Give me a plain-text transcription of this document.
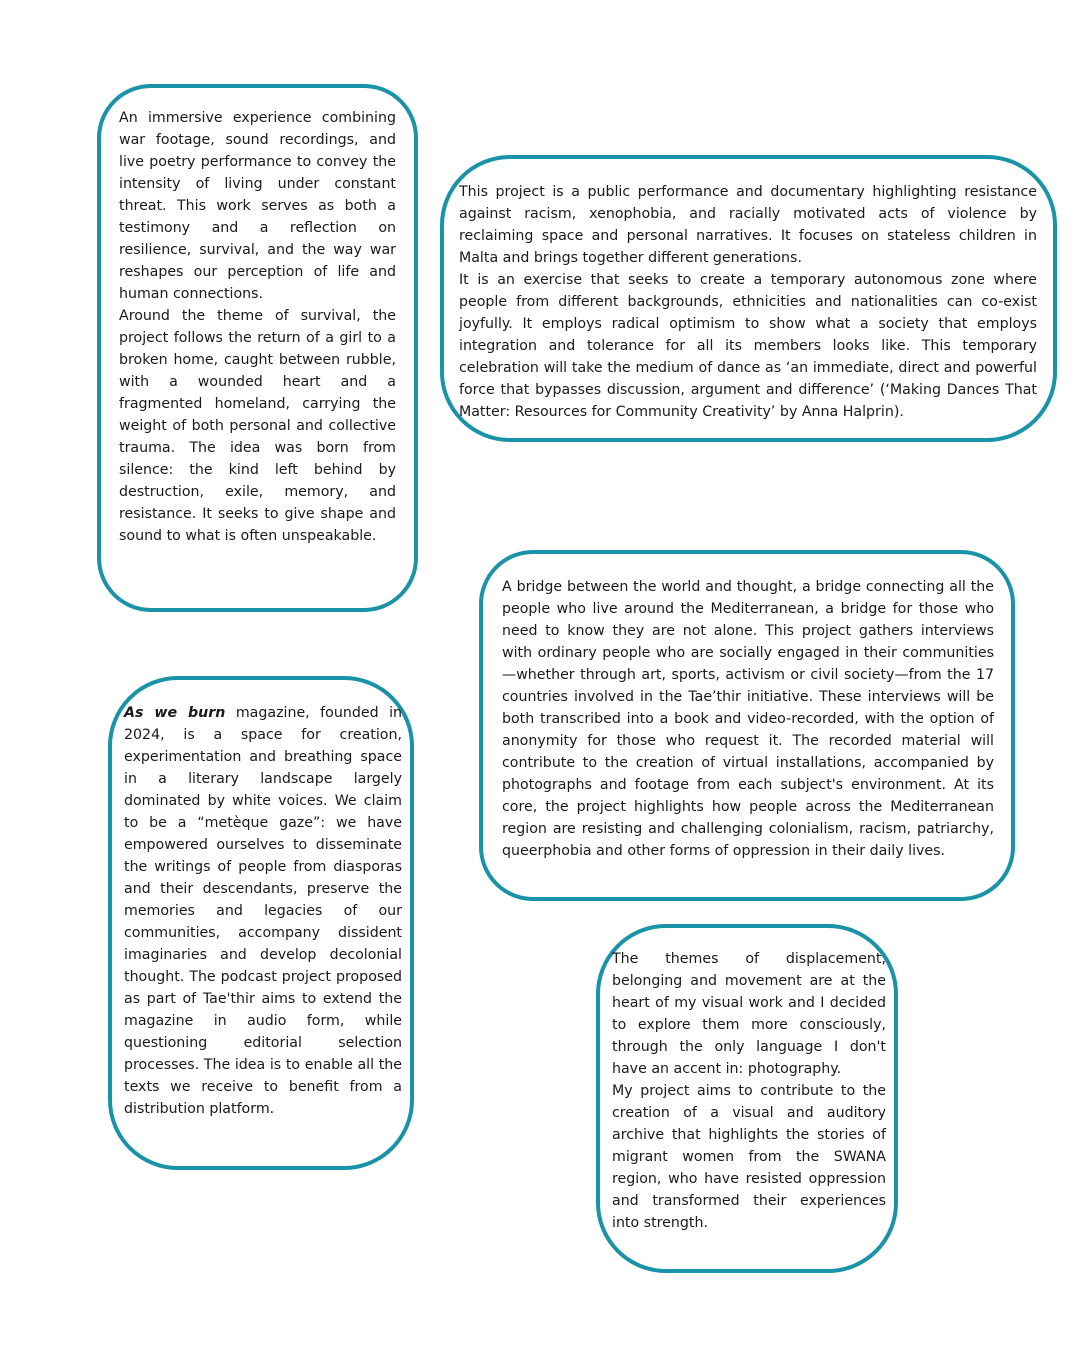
An immersive experience combining war footage, sound recordings, and live poetry performance to convey the intensity of living under constant threat. This work serves as both a testimony and a reflection on resilience, survival, and the way war reshapes our perception of life and human connections.

Around the theme of survival, the project follows the return of a girl to a broken home, caught between rubble, with a wounded heart and a fragmented homeland, carrying the weight of both personal and collective trauma. The idea was born from silence: the kind left behind by destruction, exile, memory, and resistance. It seeks to give shape and sound to what is often unspeakable.

This project is a public performance and documentary highlighting resistance against racism, xenophobia, and racially motivated acts of violence by reclaiming space and personal narratives. It focuses on stateless children in Malta and brings together different generations.

It is an exercise that seeks to create a temporary autonomous zone where people from different backgrounds, ethnicities and nationalities can co-exist joyfully. It employs radical optimism to show what a society that employs integration and tolerance for all its members looks like. This temporary celebration will take the medium of dance as ‘an immediate, direct and powerful force that bypasses discussion, argument and difference’ (‘Making Dances That Matter: Resources for Community Creativity’ by Anna Halprin).

A bridge between the world and thought, a bridge connecting all the people who live around the Mediterranean, a bridge for those who need to know they are not alone. This project gathers interviews with ordinary people who are socially engaged in their communities—whether through art, sports, activism or civil society—from the 17 countries involved in the Tae’thir initiative. These interviews will be both transcribed into a book and video-recorded, with the option of anonymity for those who request it. The recorded material will contribute to the creation of virtual installations, accompanied by photographs and footage from each subject's environment. At its core, the project highlights how people across the Mediterranean region are resisting and challenging colonialism, racism, patriarchy, queerphobia and other forms of oppression in their daily lives.

As we burn magazine, founded in 2024, is a space for creation, experimentation and breathing space in a literary landscape largely dominated by white voices. We claim to be a “metèque gaze”: we have empowered ourselves to disseminate the writings of people from diasporas and their descendants, preserve the memories and legacies of our communities, accompany dissident imaginaries and develop decolonial thought. The podcast project proposed as part of Tae'thir aims to extend the magazine in audio form, while questioning editorial selection processes. The idea is to enable all the texts we receive to benefit from a distribution platform.

The themes of displacement, belonging and movement are at the heart of my visual work and I decided to explore them more consciously, through the only language I don't have an accent in: photography.

My project aims to contribute to the creation of a visual and auditory archive that highlights the stories of migrant women from the SWANA region, who have resisted oppression and transformed their experiences into strength.
